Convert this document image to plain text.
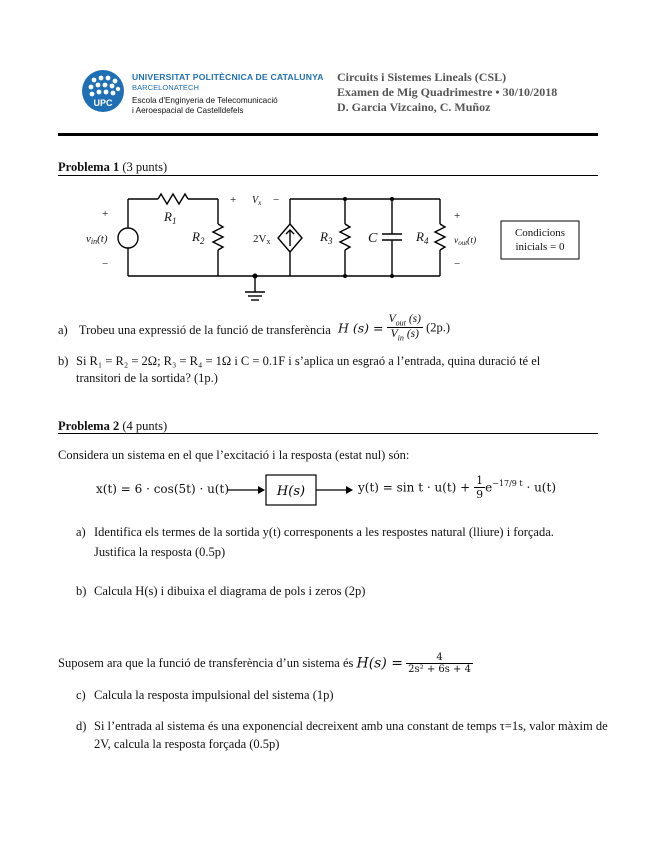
UPC
UNIVERSITAT POLITÈCNICA DE CATALUNYA
BARCELONATECH
Escola d'Enginyeria de Telecomunicació
i Aeroespacial de Castelldefels
Circuits i Sistemes Lineals (CSL)
Examen de Mig Quadrimestre • 30/10/2018
D. Garcia Vizcaino, C. Muñoz
Problema 1 (3 punts)
Condicions
inicials = 0
vin(t)
+
−
$R_1$
$R_2$
+ $V_x$ −
2Vx	$R_3$	C	$R_4$
+
$v_{out}(t)$
−
a) Trobeu una expressió de la funció de transferència H $(s) = \frac{V_{out} (s)}{V_{in} (s)} (2p.)$
b) Si R₁ = R₂ = 2Ω; R₃ = R₄ = 1Ω i C = 0.1F i s’aplica un esgraó a l’entrada, quina duració té el
transitori de la sortida? (1p.)
Problema 2 (4 punts)
Considera un sistema en el que l’excitació i la resposta (estat nul) són:
x(t) = 6 · cos(5t) · u(t)	H(s)	$y(t) = \sin t \cdot u(t) + \frac{1}{9} e^{-17/9 t} \cdot u(t)$
a) Identifica els termes de la sortida y(t) corresponents a les respostes natural (lliure) i forçada.
Justifica la resposta (0.5p)
b) Calcula H(s) i dibuixa el diagrama de pols i zeros (2p)
Suposem ara que la funció de transferència d’un sistema és $H(s) = \frac{4}{\text{2s² + 6s + 4}}$
c) Calcula la resposta impulsional del sistema (1p)
d) Si l’entrada al sistema és una exponencial decreixent amb una constant de temps τ=1s, valor màxim de
2V, calcula la resposta forçada (0.5p)
